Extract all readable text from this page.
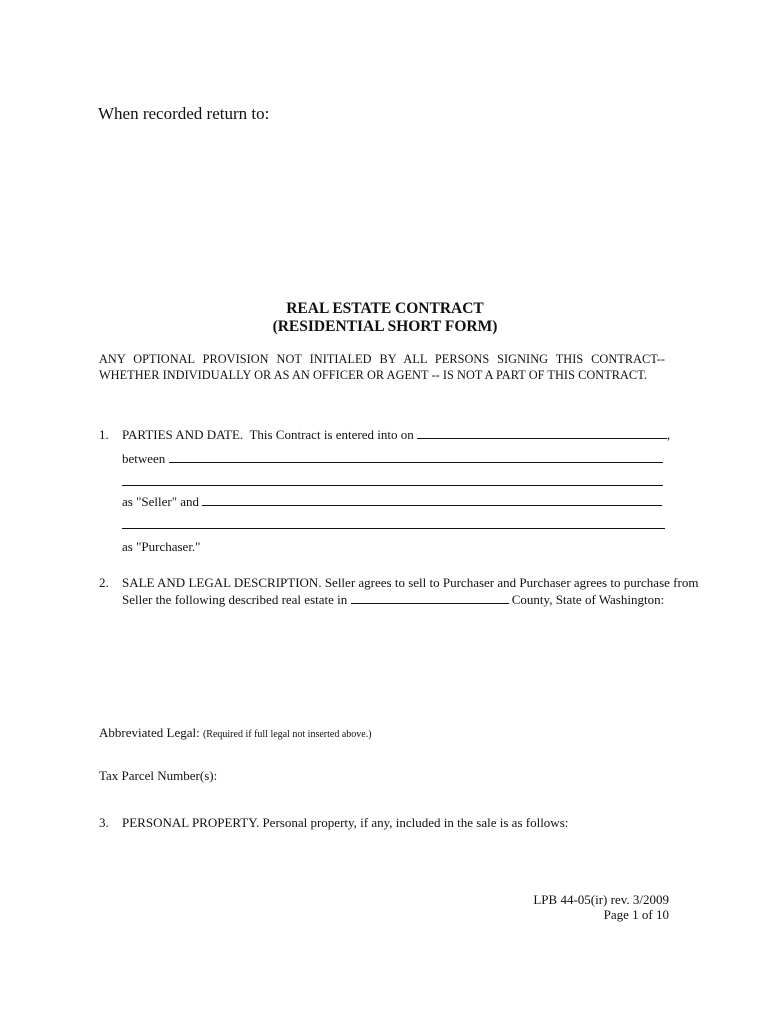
When recorded return to:
REAL ESTATE CONTRACT
(RESIDENTIAL SHORT FORM)
ANY OPTIONAL PROVISION NOT INITIALED BY ALL PERSONS SIGNING THIS CONTRACT--
WHETHER INDIVIDUALLY OR AS AN OFFICER OR AGENT -- IS NOT A PART OF THIS CONTRACT.
1. PARTIES AND DATE. This Contract is entered into on	,
between
as "Seller" and
as "Purchaser."
2. SALE AND LEGAL DESCRIPTION. Seller agrees to sell to Purchaser and Purchaser agrees to purchase from
Seller the following described real estate in	County, State of Washington:
Abbreviated Legal: (Required if full legal not inserted above.)
Tax Parcel Number(s):
3. PERSONAL PROPERTY. Personal property, if any, included in the sale is as follows:
LPB 44-05(ir) rev. 3/2009
Page 1 of 10
